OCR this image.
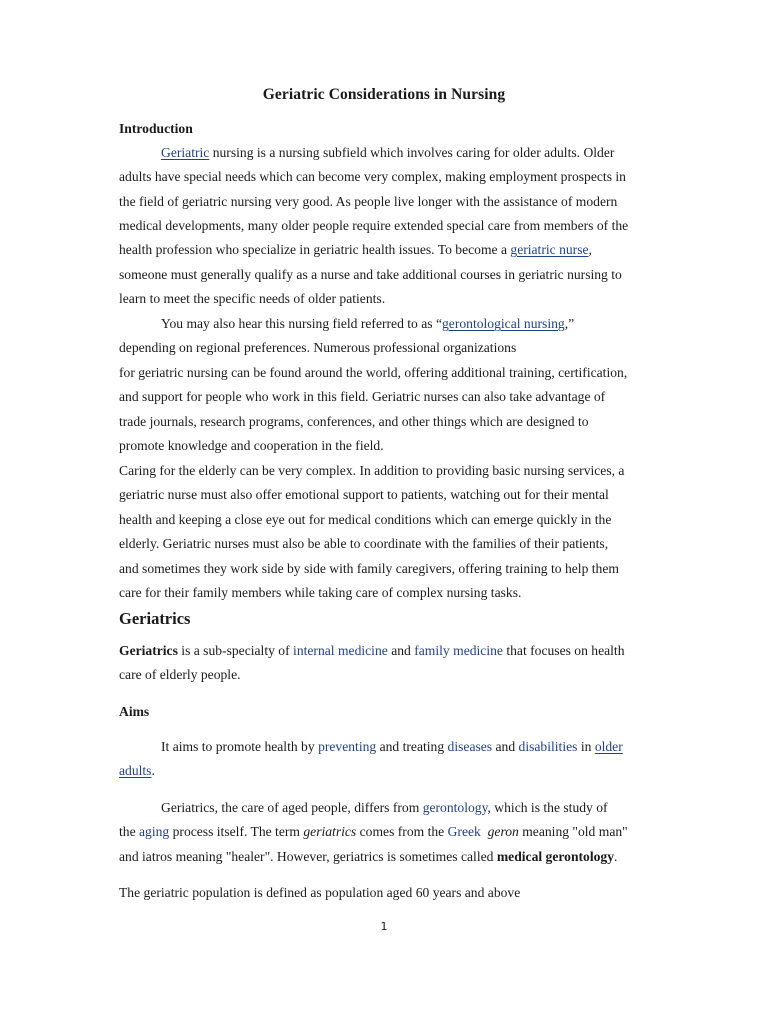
Geriatric Considerations in Nursing
Introduction
Geriatric nursing is a nursing subfield which involves caring for older adults. Older
adults have special needs which can become very complex, making employment prospects in
the field of geriatric nursing very good. As people live longer with the assistance of modern
medical developments, many older people require extended special care from members of the
health profession who specialize in geriatric health issues. To become a geriatric nurse,
someone must generally qualify as a nurse and take additional courses in geriatric nursing to
learn to meet the specific needs of older patients.
You may also hear this nursing field referred to as “gerontological nursing,”
depending on regional preferences. Numerous professional organizations
for geriatric nursing can be found around the world, offering additional training, certification,
and support for people who work in this field. Geriatric nurses can also take advantage of
trade journals, research programs, conferences, and other things which are designed to
promote knowledge and cooperation in the field.
Caring for the elderly can be very complex. In addition to providing basic nursing services, a
geriatric nurse must also offer emotional support to patients, watching out for their mental
health and keeping a close eye out for medical conditions which can emerge quickly in the
elderly. Geriatric nurses must also be able to coordinate with the families of their patients,
and sometimes they work side by side with family caregivers, offering training to help them
care for their family members while taking care of complex nursing tasks.
Geriatrics
Geriatrics is a sub-specialty of internal medicine and family medicine that focuses on health
care of elderly people.
Aims
It aims to promote health by preventing and treating diseases and disabilities in older
adults.
Geriatrics, the care of aged people, differs from gerontology, which is the study of
the aging process itself. The term geriatrics comes from the Greek geron meaning "old man"
and iatros meaning "healer". However, geriatrics is sometimes called medical gerontology.
The geriatric population is defined as population aged 60 years and above
1
